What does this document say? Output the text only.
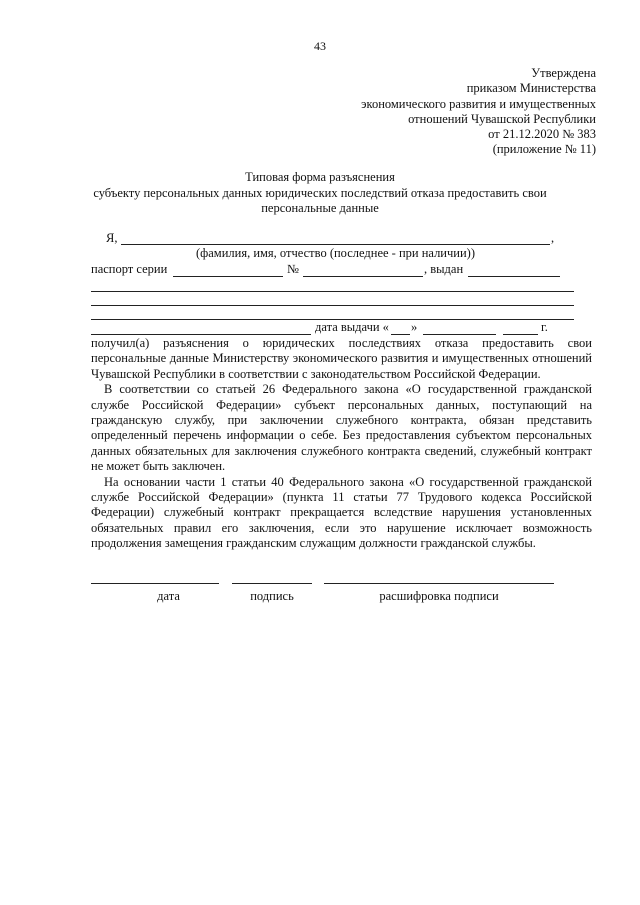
43
Утверждена
приказом Министерства
экономического развития и имущественных
отношений Чувашской Республики
от 21.12.2020 № 383
(приложение № 11)
Типовая форма разъяснения
субъекту персональных данных юридических последствий отказа предоставить свои
персональные данные
Я,	,
(фамилия, имя, отчество (последнее - при наличии))
паспорт серии	№	, выдан
дата выдачи « »	г.

получил(а) разъяснения о юридических последствиях отказа предоставить свои персональные данные Министерству экономического развития и имущественных отношений Чувашской Республики в соответствии с законодательством Российской Федерации.

В соответствии со статьей 26 Федерального закона «О государственной гражданской службе Российской Федерации» субъект персональных данных, поступающий на гражданскую службу, при заключении служебного контракта, обязан представить определенный перечень информации о себе. Без предоставления субъектом персональных данных обязательных для заключения служебного контракта сведений, служебный контракт не может быть заключен.

На основании части 1 статьи 40 Федерального закона «О государственной гражданской службе Российской Федерации» (пункта 11 статьи 77 Трудового кодекса Российской Федерации) служебный контракт прекращается вследствие нарушения установленных обязательных правил его заключения, если это нарушение исключает возможность продолжения замещения гражданским служащим должности гражданской службы.

дата	подпись	расшифровка подписи
